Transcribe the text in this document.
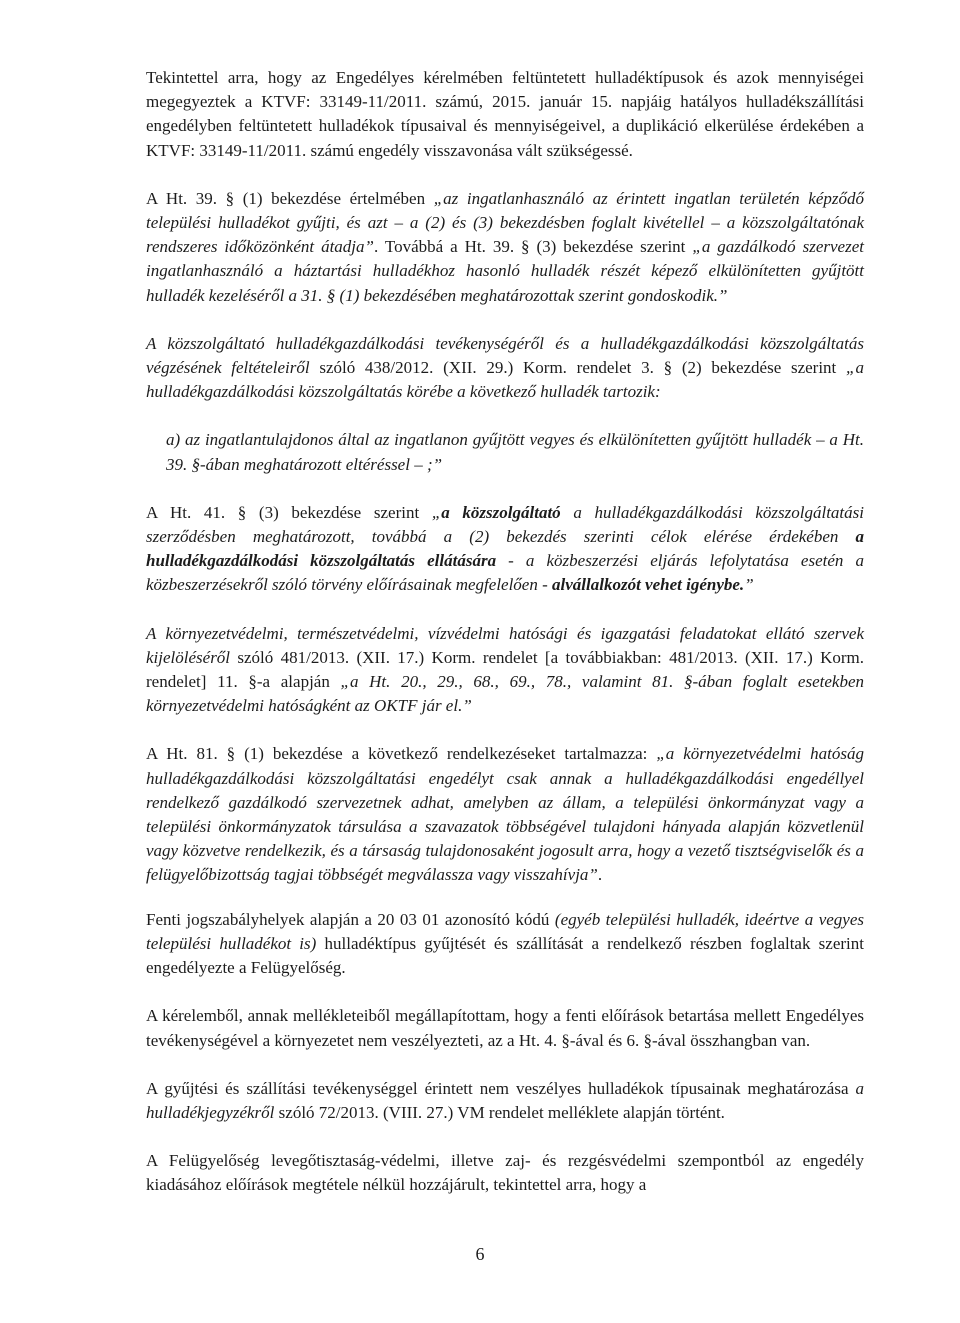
Tekintettel arra, hogy az Engedélyes kérelmében feltüntetett hulladéktípusok és azok mennyiségei megegyeztek a KTVF: 33149-11/2011. számú, 2015. január 15. napjáig hatályos hulladékszállítási engedélyben feltüntetett hulladékok típusaival és mennyiségeivel, a duplikáció elkerülése érdekében a KTVF: 33149-11/2011. számú engedély visszavonása vált szükségessé.

A Ht. 39. § (1) bekezdése értelmében „az ingatlanhasználó az érintett ingatlan területén képződő települési hulladékot gyűjti, és azt – a (2) és (3) bekezdésben foglalt kivétellel – a közszolgáltatónak rendszeres időközönként átadja”. Továbbá a Ht. 39. § (3) bekezdése szerint „a gazdálkodó szervezet ingatlanhasználó a háztartási hulladékhoz hasonló hulladék részét képező elkülönítetten gyűjtött hulladék kezeléséről a 31. § (1) bekezdésében meghatározottak szerint gondoskodik.”

A közszolgáltató hulladékgazdálkodási tevékenységéről és a hulladékgazdálkodási közszolgáltatás végzésének feltételeiről szóló 438/2012. (XII. 29.) Korm. rendelet 3. § (2) bekezdése szerint „a hulladékgazdálkodási közszolgáltatás körébe a következő hulladék tartozik:

a) az ingatlantulajdonos által az ingatlanon gyűjtött vegyes és elkülönítetten gyűjtött hulladék – a Ht. 39. §-ában meghatározott eltéréssel – ;”

A Ht. 41. § (3) bekezdése szerint „a közszolgáltató a hulladékgazdálkodási közszolgáltatási szerződésben meghatározott, továbbá a (2) bekezdés szerinti célok elérése érdekében a hulladékgazdálkodási közszolgáltatás ellátására - a közbeszerzési eljárás lefolytatása esetén a közbeszerzésekről szóló törvény előírásainak megfelelően - alvállalkozót vehet igénybe.”

A környezetvédelmi, természetvédelmi, vízvédelmi hatósági és igazgatási feladatokat ellátó szervek kijelöléséről szóló 481/2013. (XII. 17.) Korm. rendelet [a továbbiakban: 481/2013. (XII. 17.) Korm. rendelet] 11. §-a alapján „a Ht. 20., 29., 68., 69., 78., valamint 81. §-ában foglalt esetekben környezetvédelmi hatóságként az OKTF jár el.”

A Ht. 81. § (1) bekezdése a következő rendelkezéseket tartalmazza: „a környezetvédelmi hatóság hulladékgazdálkodási közszolgáltatási engedélyt csak annak a hulladékgazdálkodási engedéllyel rendelkező gazdálkodó szervezetnek adhat, amelyben az állam, a települési önkormányzat vagy a települési önkormányzatok társulása a szavazatok többségével tulajdoni hányada alapján közvetlenül vagy közvetve rendelkezik, és a társaság tulajdonosaként jogosult arra, hogy a vezető tisztségviselők és a felügyelőbizottság tagjai többségét megválassza vagy visszahívja”.

Fenti jogszabályhelyek alapján a 20 03 01 azonosító kódú (egyéb települési hulladék, ideértve a vegyes települési hulladékot is) hulladéktípus gyűjtését és szállítását a rendelkező részben foglaltak szerint engedélyezte a Felügyelőség.

A kérelemből, annak mellékleteiből megállapítottam, hogy a fenti előírások betartása mellett Engedélyes tevékenységével a környezetet nem veszélyezteti, az a Ht. 4. §-ával és 6. §-ával összhangban van.

A gyűjtési és szállítási tevékenységgel érintett nem veszélyes hulladékok típusainak meghatározása a hulladékjegyzékről szóló 72/2013. (VIII. 27.) VM rendelet melléklete alapján történt.

A Felügyelőség levegőtisztaság-védelmi, illetve zaj- és rezgésvédelmi szempontból az engedély kiadásához előírások megtétele nélkül hozzájárult, tekintettel arra, hogy a

6
